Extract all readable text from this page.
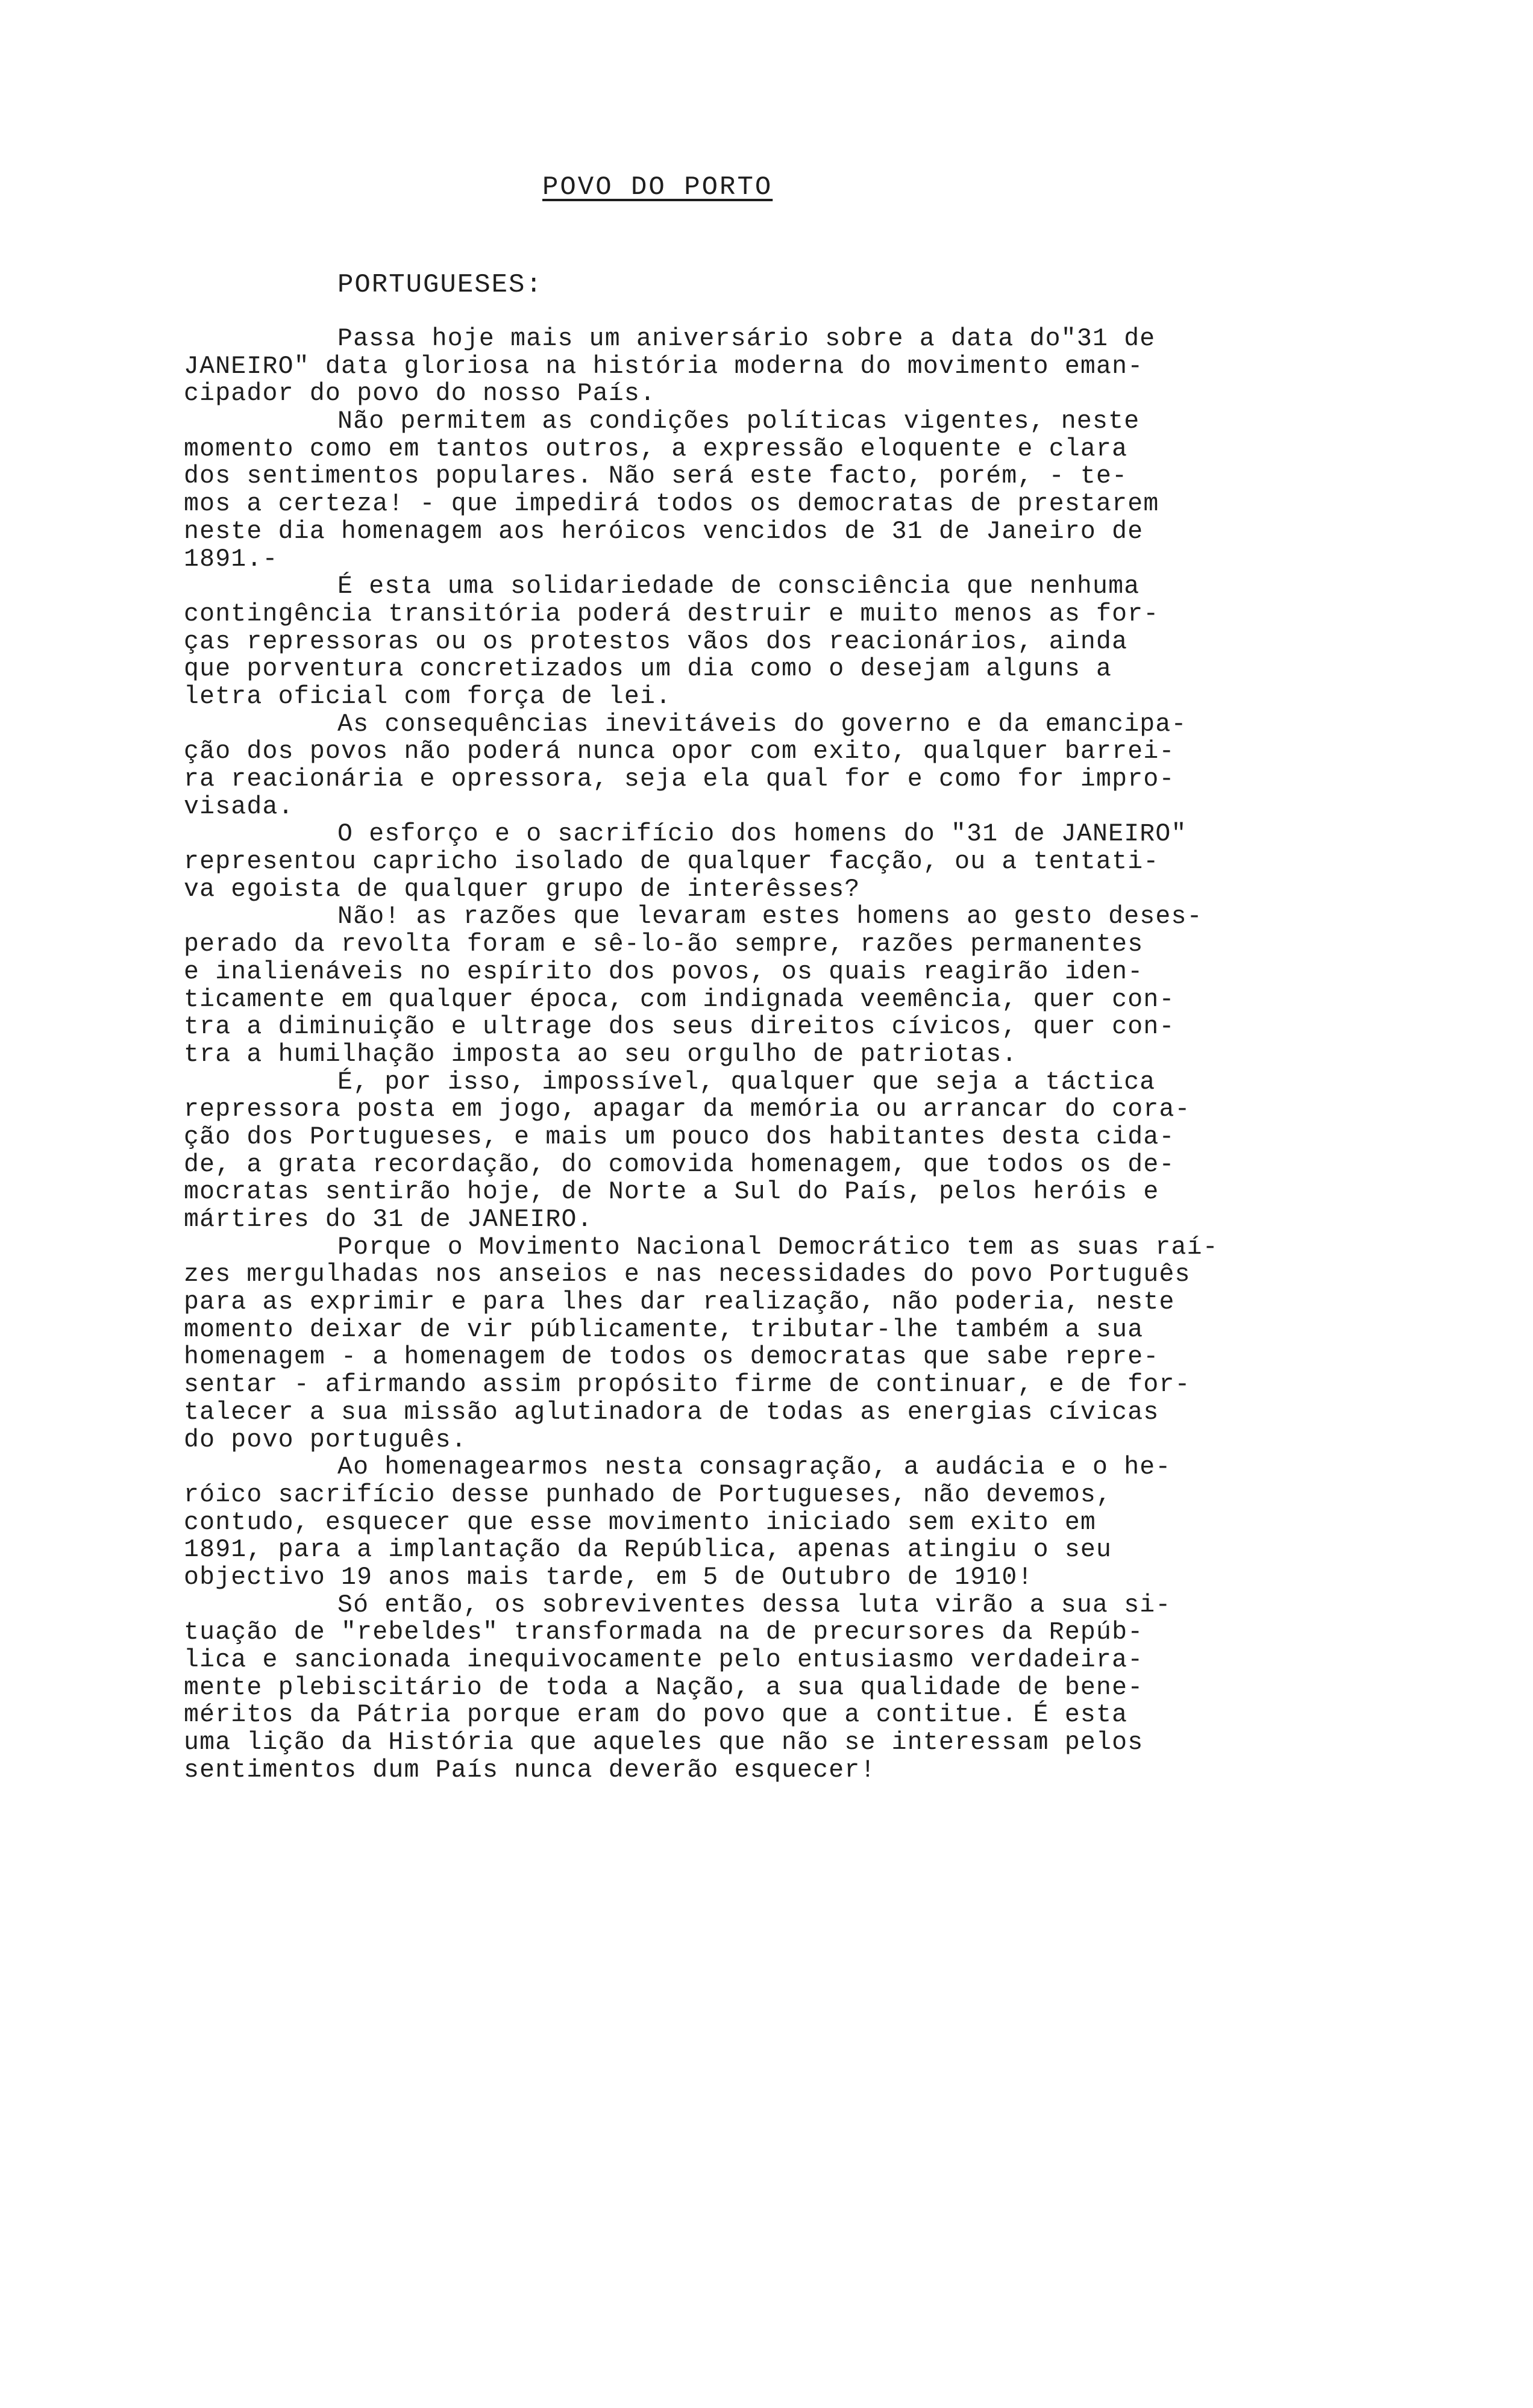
POVO DO PORTO
PORTUGUESES:
Passa hoje mais um aniversário sobre a data do"31 de
JANEIRO" data gloriosa na história moderna do movimento eman-
cipador do povo do nosso País.
Não permitem as condições políticas vigentes, neste
momento como em tantos outros, a expressão eloquente e clara
dos sentimentos populares. Não será este facto, porém, - te-
mos a certeza! - que impedirá todos os democratas de prestarem
neste dia homenagem aos heróicos vencidos de 31 de Janeiro de
1891.-
É esta uma solidariedade de consciência que nenhuma
contingência transitória poderá destruir e muito menos as for-
ças repressoras ou os protestos vãos dos reacionários, ainda
que porventura concretizados um dia como o desejam alguns a
letra oficial com força de lei.
As consequências inevitáveis do governo e da emancipa-
ção dos povos não poderá nunca opor com exito, qualquer barrei-
ra reacionária e opressora, seja ela qual for e como for impro-
visada.
O esforço e o sacrifício dos homens do "31 de JANEIRO"
representou capricho isolado de qualquer facção, ou a tentati-
va egoista de qualquer grupo de interêsses?
Não! as razões que levaram estes homens ao gesto deses-
perado da revolta foram e sê-lo-ão sempre, razões permanentes
e inalienáveis no espírito dos povos, os quais reagirão iden-
ticamente em qualquer época, com indignada veemência, quer con-
tra a diminuição e ultrage dos seus direitos cívicos, quer con-
tra a humilhação imposta ao seu orgulho de patriotas.
É, por isso, impossível, qualquer que seja a táctica
repressora posta em jogo, apagar da memória ou arrancar do cora-
ção dos Portugueses, e mais um pouco dos habitantes desta cida-
de, a grata recordação, do comovida homenagem, que todos os de-
mocratas sentirão hoje, de Norte a Sul do País, pelos heróis e
mártires do 31 de JANEIRO.
Porque o Movimento Nacional Democrático tem as suas raí-
zes mergulhadas nos anseios e nas necessidades do povo Português
para as exprimir e para lhes dar realização, não poderia, neste
momento deixar de vir públicamente, tributar-lhe também a sua
homenagem - a homenagem de todos os democratas que sabe repre-
sentar - afirmando assim propósito firme de continuar, e de for-
talecer a sua missão aglutinadora de todas as energias cívicas
do povo português.
Ao homenagearmos nesta consagração, a audácia e o he-
róico sacrifício desse punhado de Portugueses, não devemos,
contudo, esquecer que esse movimento iniciado sem exito em
1891, para a implantação da República, apenas atingiu o seu
objectivo 19 anos mais tarde, em 5 de Outubro de 1910!
Só então, os sobreviventes dessa luta virão a sua si-
tuação de "rebeldes" transformada na de precursores da Repúb-
lica e sancionada inequivocamente pelo entusiasmo verdadeira-
mente plebiscitário de toda a Nação, a sua qualidade de bene-
méritos da Pátria porque eram do povo que a contitue. É esta
uma lição da História que aqueles que não se interessam pelos
sentimentos dum País nunca deverão esquecer!
